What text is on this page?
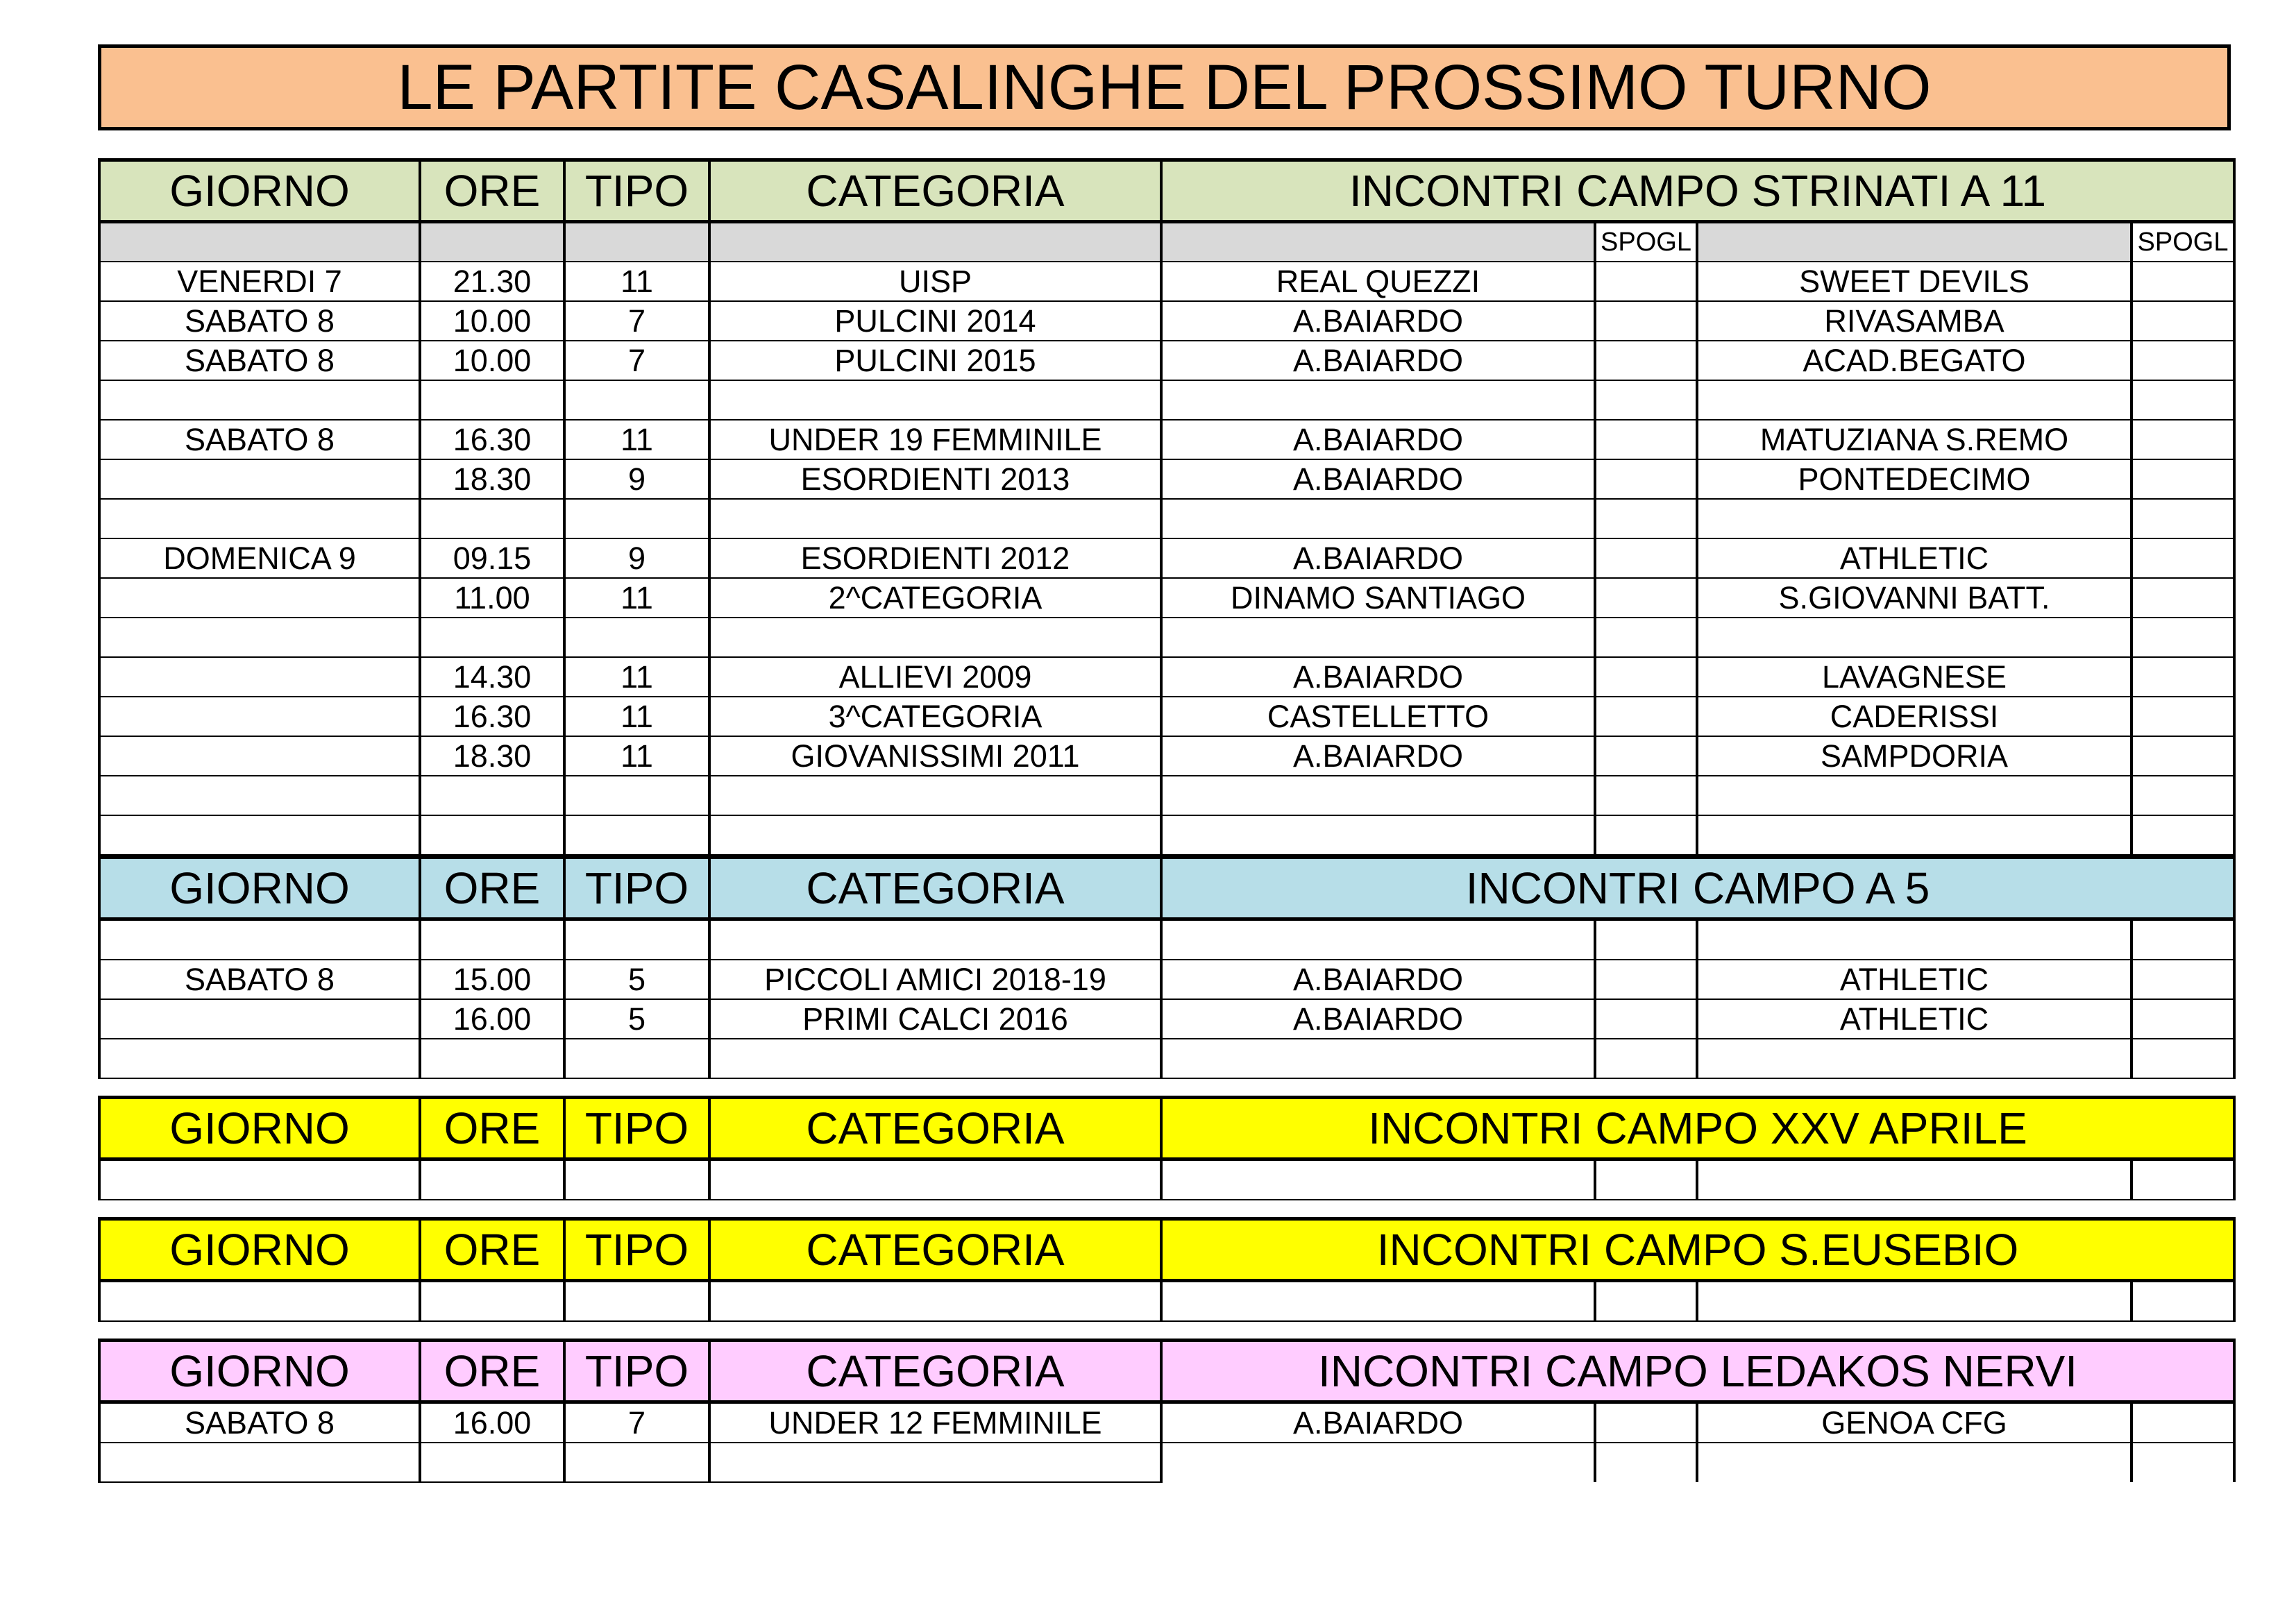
LE PARTITE CASALINGHE DEL PROSSIMO TURNO
GIORNO	ORE	TIPO	CATEGORIA	INCONTRI CAMPO STRINATI A 11			
					SPOGL		SPOGL
VENERDI 7	21.30	11	UISP	REAL QUEZZI		SWEET DEVILS	
SABATO 8	10.00	7	PULCINI 2014	A.BAIARDO		RIVASAMBA	
SABATO 8	10.00	7	PULCINI 2015	A.BAIARDO		ACAD.BEGATO	

SABATO 8	16.30	11	UNDER 19 FEMMINILE	A.BAIARDO		MATUZIANA S.REMO	
	18.30	9	ESORDIENTI 2013	A.BAIARDO		PONTEDECIMO	

DOMENICA 9	09.15	9	ESORDIENTI 2012	A.BAIARDO		ATHLETIC	
	11.00	11	2^CATEGORIA	DINAMO SANTIAGO		S.GIOVANNI BATT.	

	14.30	11	ALLIEVI 2009	A.BAIARDO		LAVAGNESE	
	16.30	11	3^CATEGORIA	CASTELLETTO		CADERISSI	
	18.30	11	GIOVANISSIMI 2011	A.BAIARDO		SAMPDORIA	

GIORNO	ORE	TIPO	CATEGORIA	INCONTRI CAMPO A 5			

SABATO 8	15.00	5	PICCOLI AMICI 2018-19	A.BAIARDO		ATHLETIC	
	16.00	5	PRIMI CALCI 2016	A.BAIARDO		ATHLETIC	

GIORNO	ORE	TIPO	CATEGORIA	INCONTRI CAMPO XXV APRILE			

GIORNO	ORE	TIPO	CATEGORIA	INCONTRI CAMPO S.EUSEBIO			

GIORNO	ORE	TIPO	CATEGORIA	INCONTRI CAMPO LEDAKOS NERVI			
SABATO 8	16.00	7	UNDER 12 FEMMINILE	A.BAIARDO		GENOA CFG	
